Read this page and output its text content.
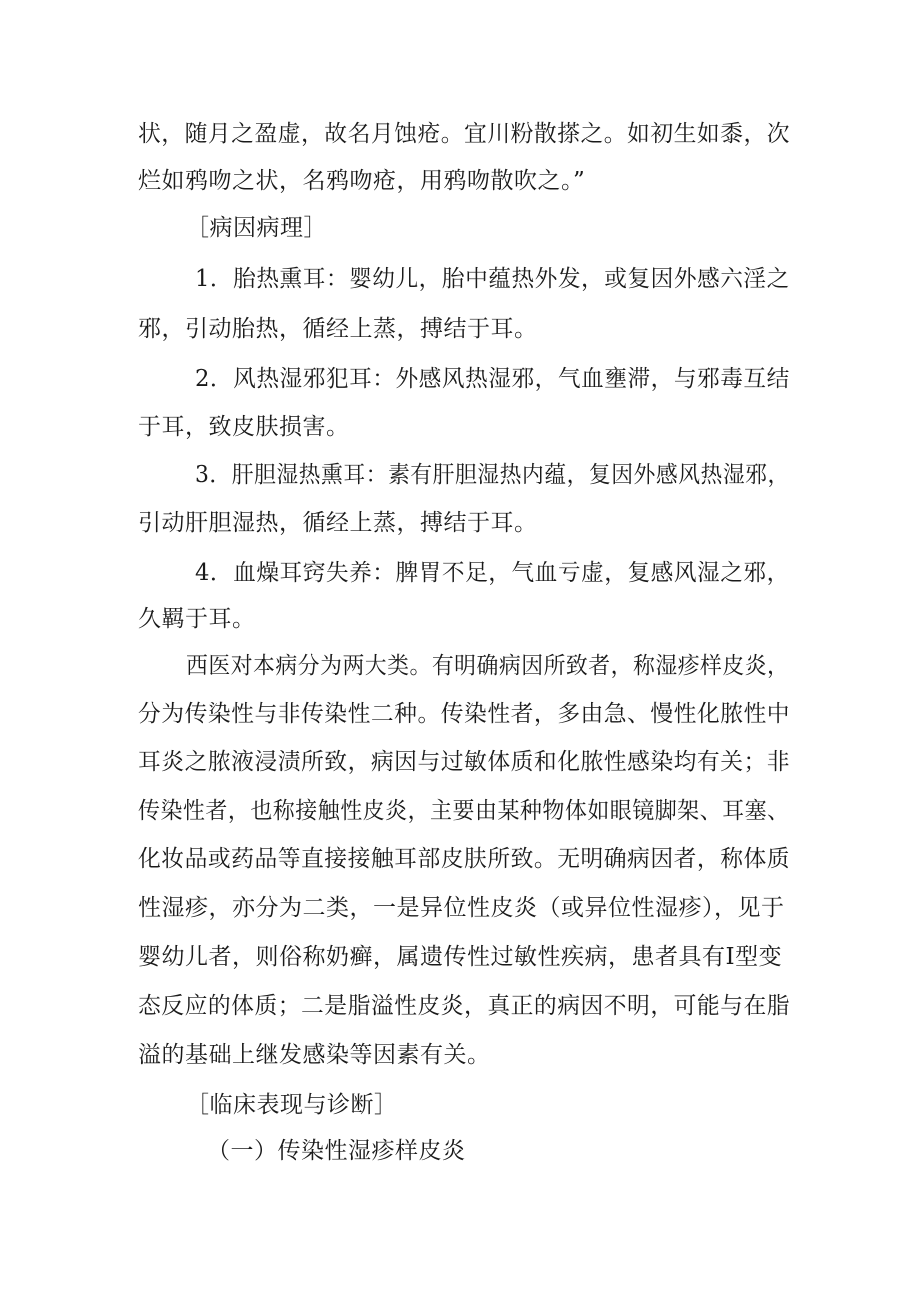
状，随月之盈虚，故名月蚀疮。宜川粉散搽之。如初生如黍，次
烂如鸦吻之状，名鸦吻疮，用鸦吻散吹之。”
［病因病理］
1．胎热熏耳：婴幼儿，胎中蕴热外发，或复因外感六淫之
邪，引动胎热，循经上蒸，搏结于耳。
2．风热湿邪犯耳：外感风热湿邪，气血壅滞，与邪毒互结
于耳，致皮肤损害。
3．肝胆湿热熏耳：素有肝胆湿热内蕴，复因外感风热湿邪，
引动肝胆湿热，循经上蒸，搏结于耳。
4．血燥耳窍失养：脾胃不足，气血亏虚，复感风湿之邪，
久羁于耳。
西医对本病分为两大类。有明确病因所致者，称湿疹样皮炎，
分为传染性与非传染性二种。传染性者，多由急、慢性化脓性中
耳炎之脓液浸渍所致，病因与过敏体质和化脓性感染均有关；非
传染性者，也称接触性皮炎，主要由某种物体如眼镜脚架、耳塞、
化妆品或药品等直接接触耳部皮肤所致。无明确病因者，称体质
性湿疹，亦分为二类，一是异位性皮炎（或异位性湿疹），见于
婴幼儿者，则俗称奶癣，属遗传性过敏性疾病，患者具有Ⅰ型变
态反应的体质；二是脂溢性皮炎，真正的病因不明，可能与在脂
溢的基础上继发感染等因素有关。
［临床表现与诊断］
（一）传染性湿疹样皮炎
